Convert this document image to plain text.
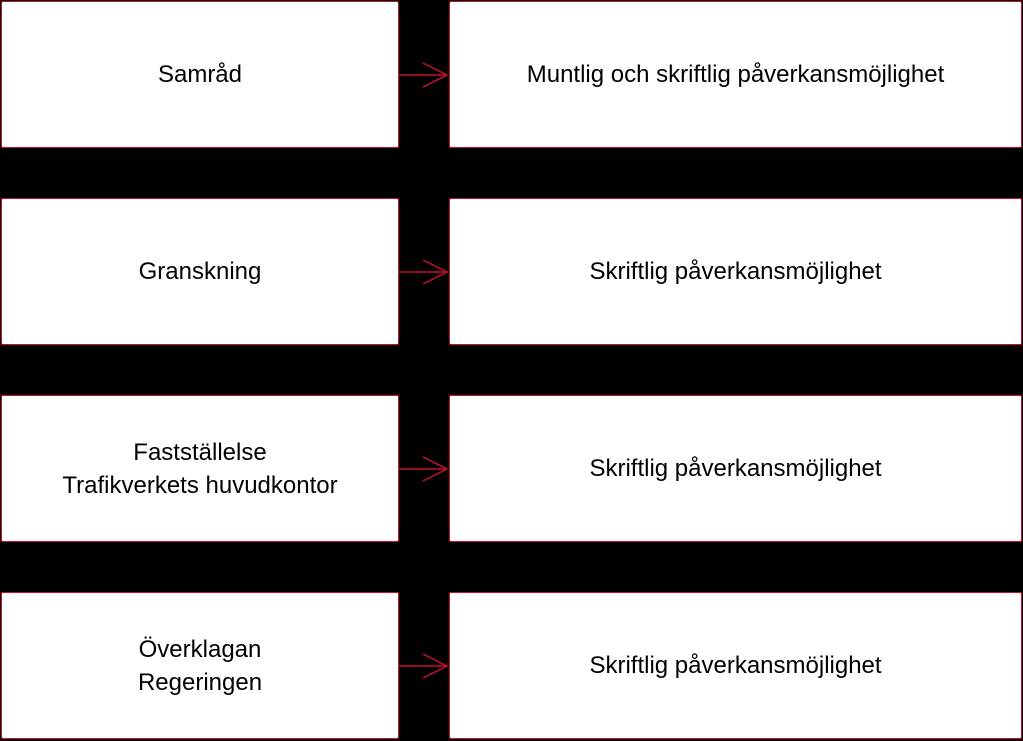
Samråd	Muntlig och skriftlig påverkansmöjlighet
Granskning	Skriftlig påverkansmöjlighet
Fastställelse
Trafikverkets huvudkontor
Skriftlig påverkansmöjlighet
Överklagan
Regeringen
Skriftlig påverkansmöjlighet
